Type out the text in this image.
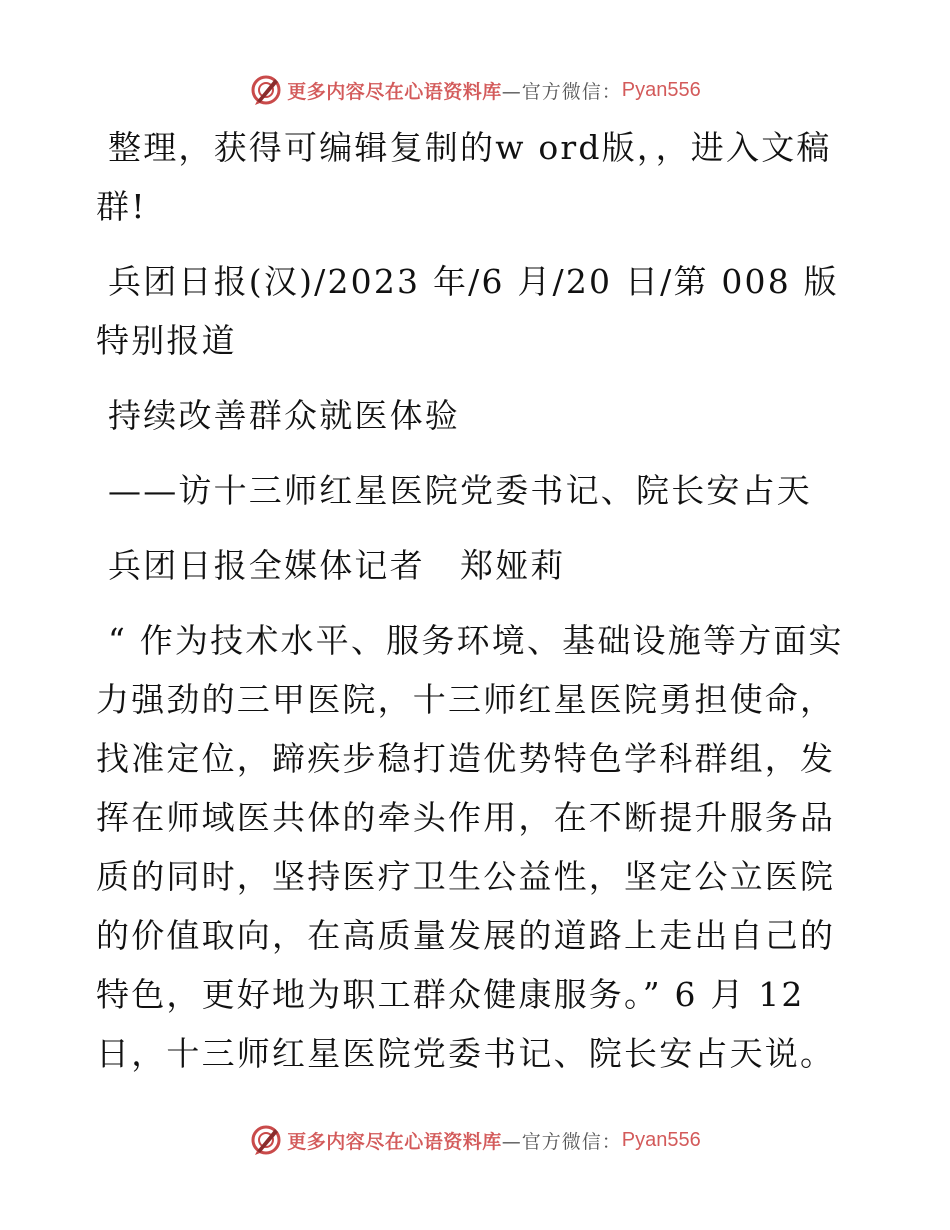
更多内容尽在心语资料库 —官方微信： Pyan556

整理，获得可编辑复制的w ord版，，进入文稿群!

兵团日报(汉)/2023 年/6 月/20 日/第 008 版特别报道

持续改善群众就医体验

——访十三师红星医院党委书记、院长安占天

兵团日报全媒体记者　郑娅莉

“ 作为技术水平、服务环境、基础设施等方面实力强劲的三甲医院，十三师红星医院勇担使命，找准定位，蹄疾步稳打造优势特色学科群组，发挥在师域医共体的牵头作用，在不断提升服务品质的同时，坚持医疗卫生公益性，坚定公立医院的价值取向，在高质量发展的道路上走出自己的特色，更好地为职工群众健康服务。” 6 月 12 日，十三师红星医院党委书记、院长安占天说。

更多内容尽在心语资料库 —官方微信： Pyan556
